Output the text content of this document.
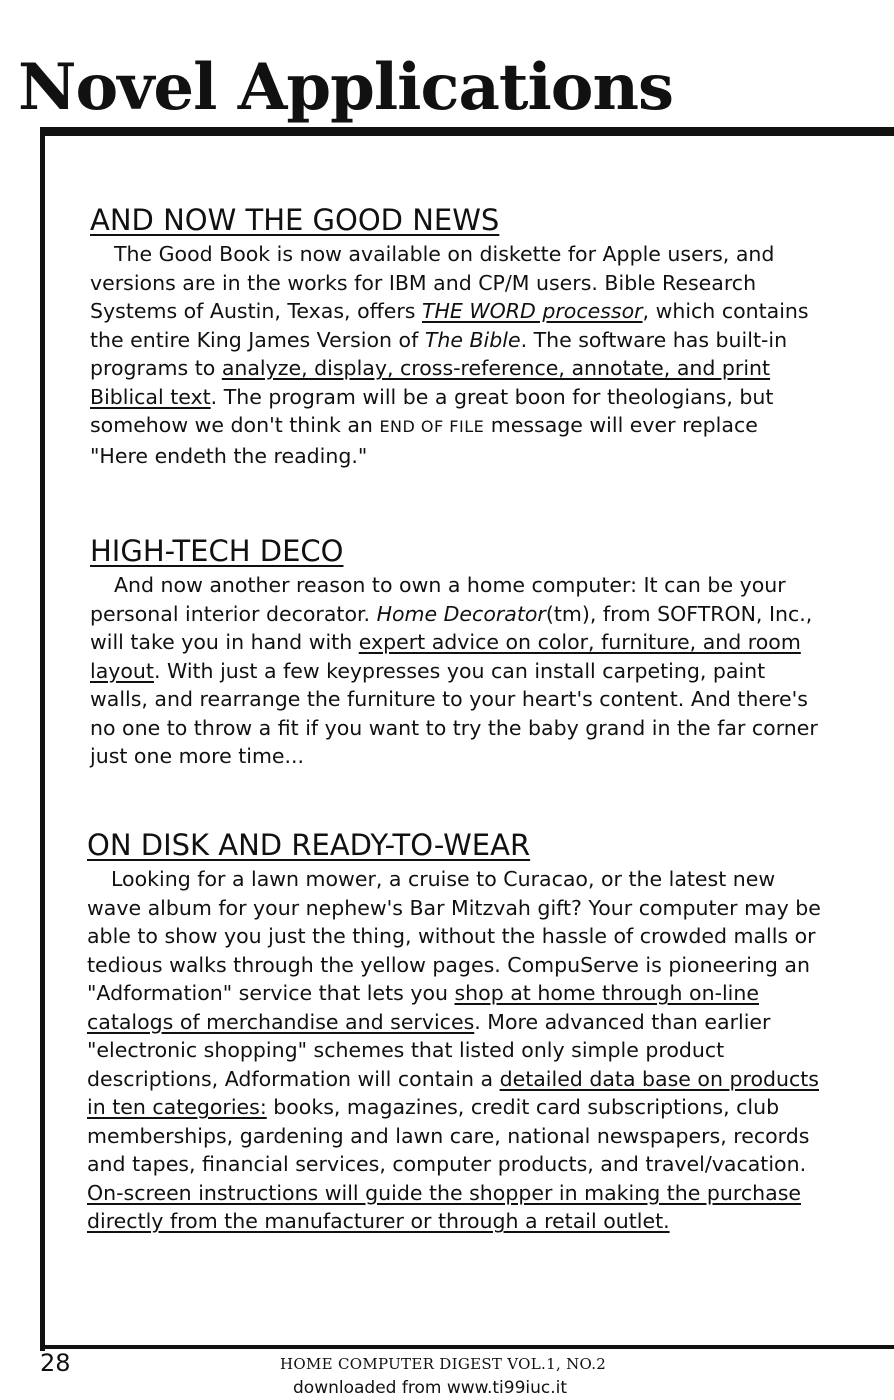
Novel Applications
AND NOW THE GOOD NEWS

The Good Book is now available on diskette for Apple users, and versions are in the works for IBM and CP/M users. Bible Research Systems of Austin, Texas, offers THE WORD processor, which contains the entire King James Version of The Bible. The software has built-in programs to analyze, display, cross-reference, annotate, and print Biblical text. The program will be a great boon for theologians, but somehow we don't think an END OF FILE message will ever replace "Here endeth the reading."

HIGH-TECH DECO

And now another reason to own a home computer: It can be your personal interior decorator. Home Decorator(tm), from SOFTRON, Inc., will take you in hand with expert advice on color, furniture, and room layout. With just a few keypresses you can install carpeting, paint walls, and rearrange the furniture to your heart's content. And there's no one to throw a fit if you want to try the baby grand in the far corner just one more time...

ON DISK AND READY-TO-WEAR

Looking for a lawn mower, a cruise to Curacao, or the latest new wave album for your nephew's Bar Mitzvah gift? Your computer may be able to show you just the thing, without the hassle of crowded malls or tedious walks through the yellow pages. CompuServe is pioneering an "Adformation" service that lets you shop at home through on-line catalogs of merchandise and services. More advanced than earlier "electronic shopping" schemes that listed only simple product descriptions, Adformation will contain a detailed data base on products in ten categories: books, magazines, credit card subscriptions, club memberships, gardening and lawn care, national newspapers, records and tapes, financial services, computer products, and travel/vacation. On-screen instructions will guide the shopper in making the purchase directly from the manufacturer or through a retail outlet.

28	HOME COMPUTER DIGEST VOL.1, NO.2
downloaded from www.ti99iuc.it
